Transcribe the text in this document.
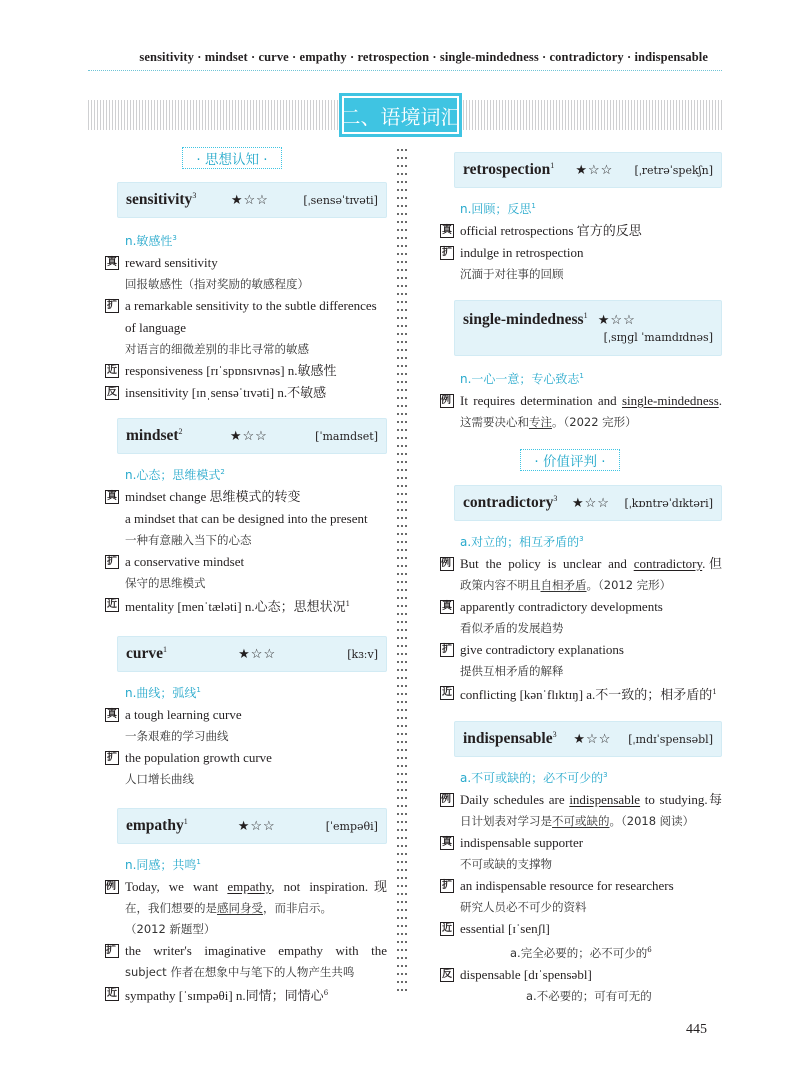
sensitivity · mindset · curve · empathy · retrospection · single-mindedness · contradictory · indispensable
二、语境词汇
· 思想认知 ·
sensitivity$^3$	★☆☆	[ˌsensəˈtɪvəti]
n.敏感性$^3$
真 reward sensitivity
回报敏感性（指对奖励的敏感程度）
扩 a remarkable sensitivity to the subtle differences of language
对语言的细微差别的非比寻常的敏感
近 responsiveness [rɪˈspɒnsɪvnəs] n.敏感性
反 insensitivity [ɪnˌsensəˈtɪvəti] n.不敏感
mindset$^2$	★☆☆	[ˈmaɪndset]
n.心态；思维模式$^2$
真 mindset change 思维模式的转变
a mindset that can be designed into the present
一种有意融入当下的心态
扩 a conservative mindset
保守的思维模式
近 mentality [menˈtæləti] n.心态；思想状况$^1$
curve$^1$	★☆☆	[kɜːv]
n.曲线；弧线$^1$
真 a tough learning curve
一条艰难的学习曲线
扩 the population growth curve
人口增长曲线
empathy$^1$	★☆☆	[ˈempəθi]
n.同感；共鸣$^1$
例 Today, we want empathy, not inspiration.现
在，我们想要的是感同身受，而非启示。
（2012 新题型）
扩 the writer's imaginative empathy with the
subject 作者在想象中与笔下的人物产生共鸣
近 sympathy [ˈsɪmpəθi] n.同情；同情心$^6$
retrospection$^1$ ★☆☆ [ˌretrəˈspekʃn]
n.回顾；反思$^1$
真 official retrospections 官方的反思
扩 indulge in retrospection
沉湎于对往事的回顾
single-mindedness$^1$ ★☆☆
[ˌsɪŋɡl ˈmaɪndɪdnəs]
n.一心一意；专心致志$^1$
例 It requires determination and single-mindedness.
这需要决心和专注。（2022 完形）
· 价值评判 ·
contradictory$^3$ ★☆☆ [ˌkɒntrəˈdɪktəri]
a.对立的；相互矛盾的$^3$
例 But the policy is unclear and contradictory.但
政策内容不明且自相矛盾。（2012 完形）
真 apparently contradictory developments
看似矛盾的发展趋势
扩 give contradictory explanations
提供互相矛盾的解释
近 conflicting [kənˈflɪktɪŋ] a.不一致的；相矛盾的$^1$
indispensable$^3$ ★☆☆ [ˌɪndɪˈspensəbl]
a.不可或缺的；必不可少的$^3$
例 Daily schedules are indispensable to studying.每
日计划表对学习是不可或缺的。（2018 阅读）
真 indispensable supporter
不可或缺的支撑物
扩 an indispensable resource for researchers
研究人员必不可少的资料
近 essential [ɪˈsenʃl]
a.完全必要的；必不可少的$^6$
反 dispensable [dɪˈspensəbl]
a.不必要的；可有可无的
445
